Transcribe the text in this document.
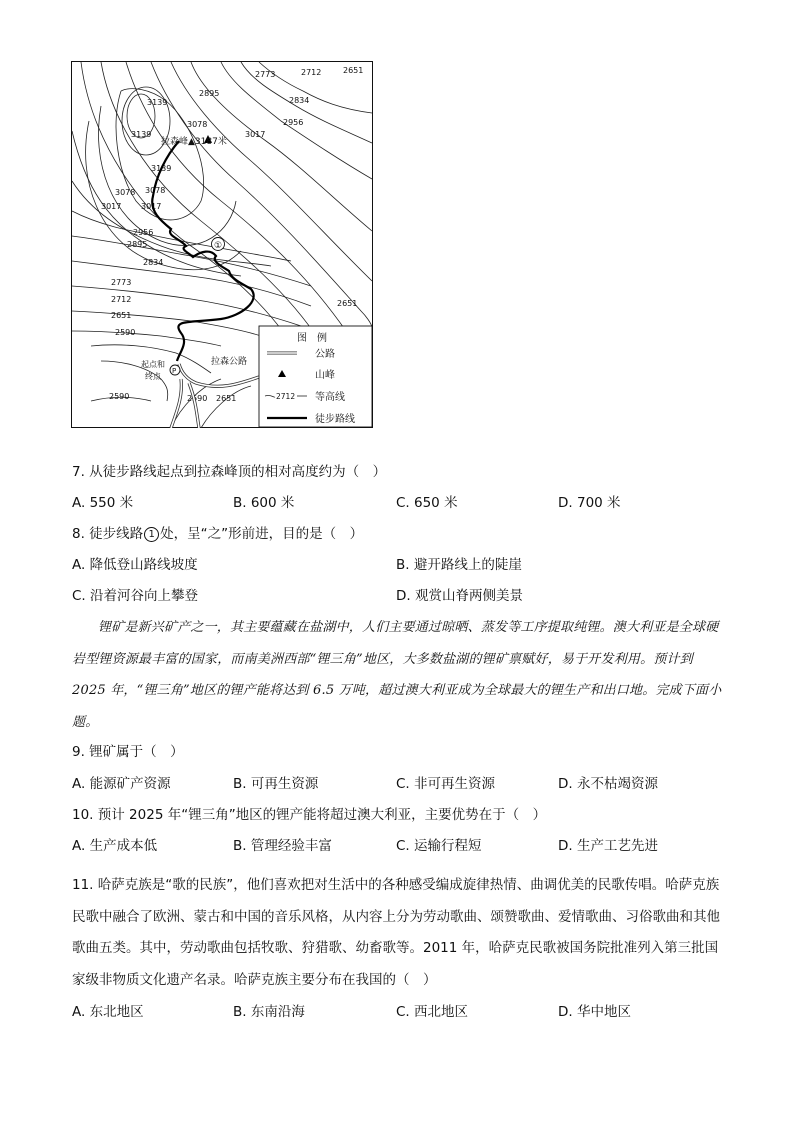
2773	2712	2651
2895
2834
2956
3017
3078
3139
3139
3078
3017
3139
3078
3017
2956
2895
2834
2773
2712
2651
2590
2651
2590	2590 2651
拉森峰▲3187米
①
P
起点和
终点
拉森公路
图　例
公路
山峰
2712 等高线
徒步路线
7. 从徒步路线起点到拉森峰顶的相对高度约为（　）
A. 550 米	B. 600 米	C. 650 米	D. 700 米
8. 徒步线路 1 处，呈“之”形前进，目的是（　）
A. 降低登山路线坡度	B. 避开路线上的陡崖
C. 沿着河谷向上攀登	D. 观赏山脊两侧美景
锂矿是新兴矿产之一，其主要蕴藏在盐湖中，人们主要通过晾晒、蒸发等工序提取纯锂。澳大利亚是全球硬岩型锂资源最丰富的国家，而南美洲西部“锂三角”地区，大多数盐湖的锂矿禀赋好，易于开发利用。预计到 2025 年，“锂三角”地区的锂产能将达到 6.5 万吨，超过澳大利亚成为全球最大的锂生产和出口地。完成下面小题。
9. 锂矿属于（　）
A. 能源矿产资源	B. 可再生资源	C. 非可再生资源	D. 永不枯竭资源
10. 预计 2025 年“锂三角”地区的锂产能将超过澳大利亚，主要优势在于（　）
A. 生产成本低	B. 管理经验丰富	C. 运输行程短	D. 生产工艺先进
11. 哈萨克族是“歌的民族”，他们喜欢把对生活中的各种感受编成旋律热情、曲调优美的民歌传唱。哈萨克族民歌中融合了欧洲、蒙古和中国的音乐风格，从内容上分为劳动歌曲、颂赞歌曲、爱情歌曲、习俗歌曲和其他歌曲五类。其中，劳动歌曲包括牧歌、狩猎歌、幼畜歌等。2011 年，哈萨克民歌被国务院批准列入第三批国家级非物质文化遗产名录。哈萨克族主要分布在我国的（　）
A. 东北地区	B. 东南沿海	C. 西北地区	D. 华中地区
